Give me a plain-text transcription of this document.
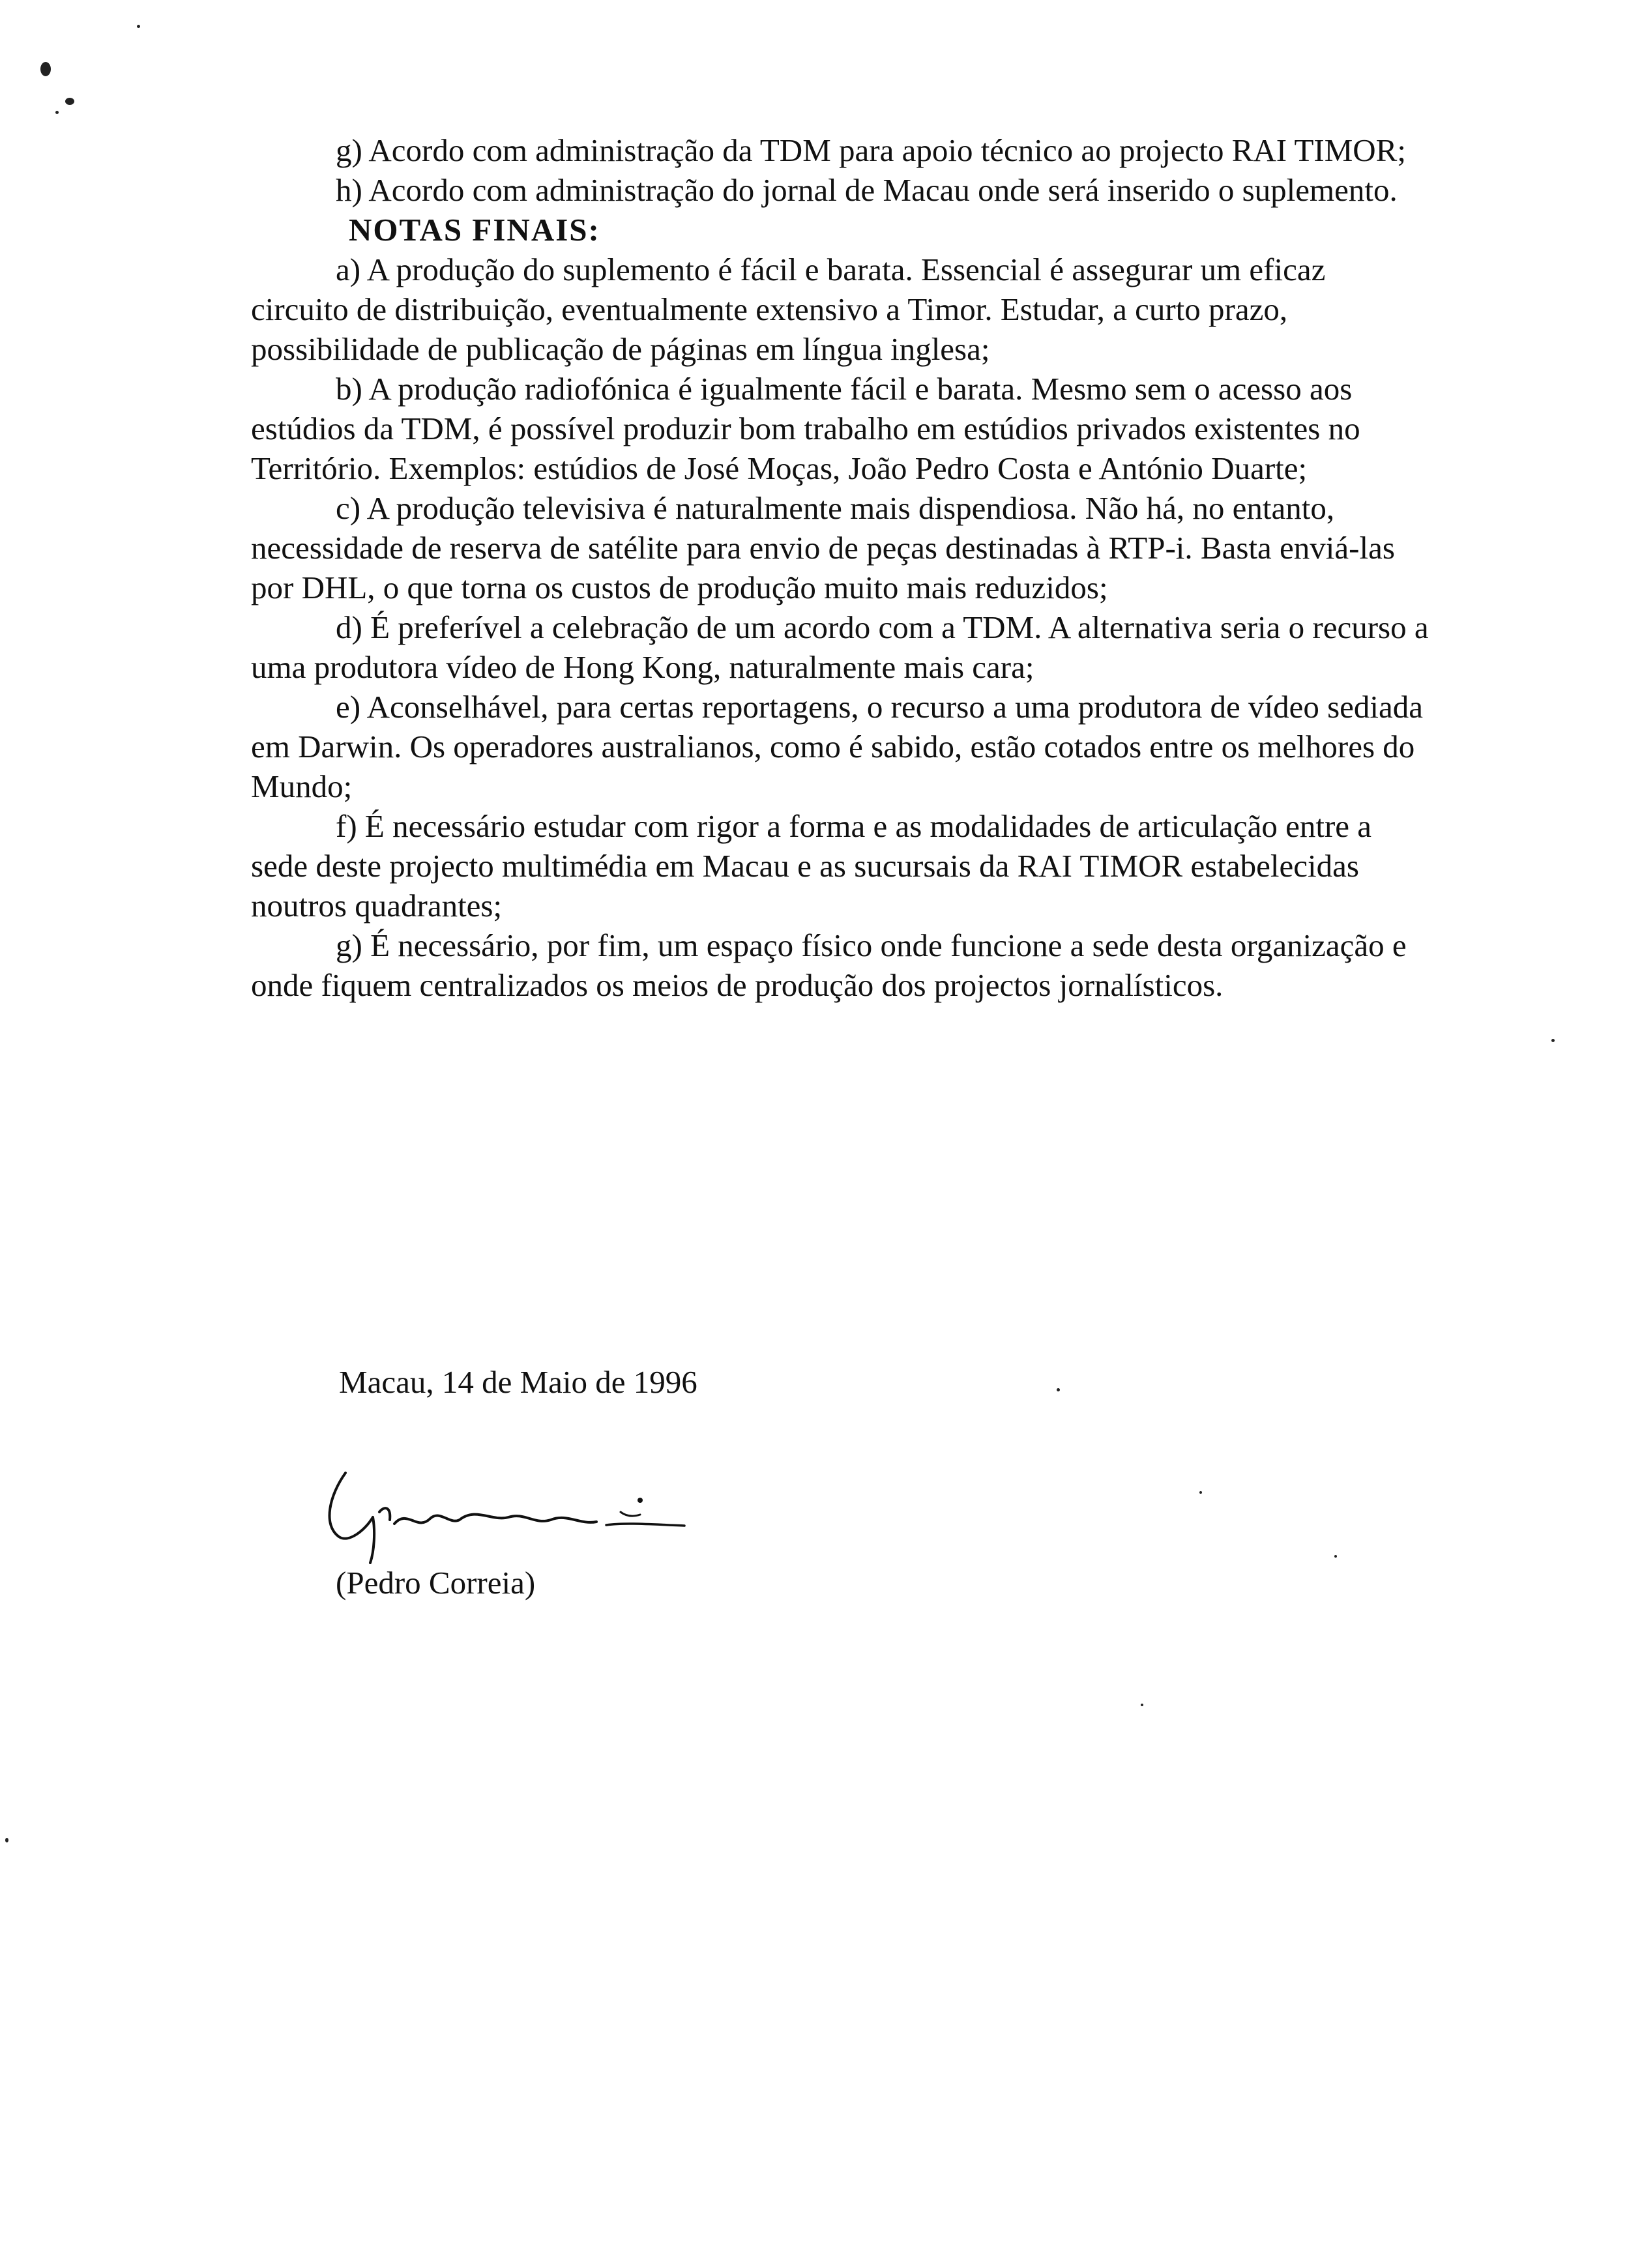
g) Acordo com administração da TDM para apoio técnico ao projecto RAI TIMOR;

h) Acordo com administração do jornal de Macau onde será inserido o suplemento.

NOTAS FINAIS:

a) A produção do suplemento é fácil e barata. Essencial é assegurar um eficaz circuito de distribuição, eventualmente extensivo a Timor. Estudar, a curto prazo, possibilidade de publicação de páginas em língua inglesa;

b) A produção radiofónica é igualmente fácil e barata. Mesmo sem o acesso aos estúdios da TDM, é possível produzir bom trabalho em estúdios privados existentes no Território. Exemplos: estúdios de José Moças, João Pedro Costa e António Duarte;

c) A produção televisiva é naturalmente mais dispendiosa. Não há, no entanto, necessidade de reserva de satélite para envio de peças destinadas à RTP-i. Basta enviá-las por DHL, o que torna os custos de produção muito mais reduzidos;

d) É preferível a celebração de um acordo com a TDM. A alternativa seria o recurso a uma produtora vídeo de Hong Kong, naturalmente mais cara;

e) Aconselhável, para certas reportagens, o recurso a uma produtora de vídeo sediada em Darwin. Os operadores australianos, como é sabido, estão cotados entre os melhores do Mundo;

f) É necessário estudar com rigor a forma e as modalidades de articulação entre a sede deste projecto multimédia em Macau e as sucursais da RAI TIMOR estabelecidas noutros quadrantes;

g) É necessário, por fim, um espaço físico onde funcione a sede desta organização e onde fiquem centralizados os meios de produção dos projectos jornalísticos.

Macau, 14 de Maio de 1996

(Pedro Correia)
